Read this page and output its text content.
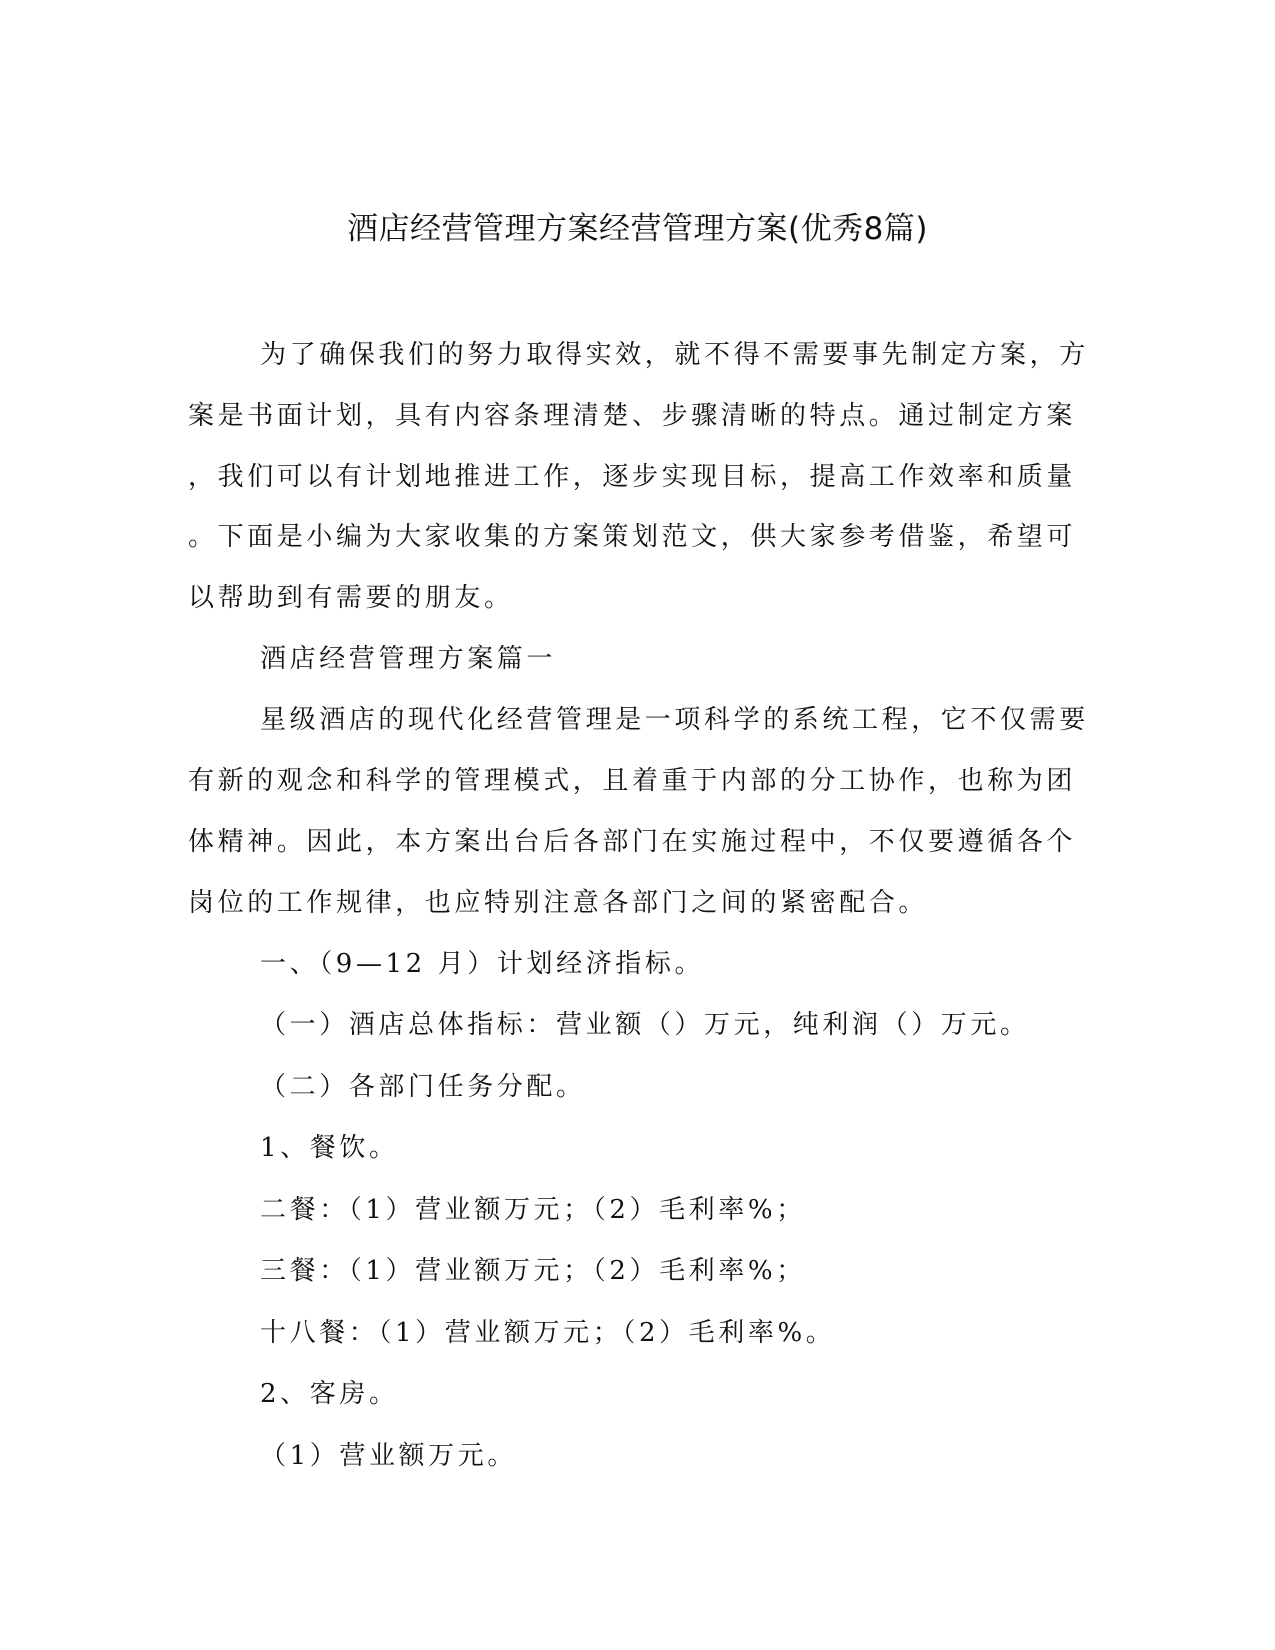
酒店经营管理方案经营管理方案(优秀8篇)

为了确保我们的努力取得实效，就不得不需要事先制定方案，方
案是书面计划，具有内容条理清楚、步骤清晰的特点。通过制定方案
，我们可以有计划地推进工作，逐步实现目标，提高工作效率和质量
。下面是小编为大家收集的方案策划范文，供大家参考借鉴，希望可
以帮助到有需要的朋友。

酒店经营管理方案篇一

星级酒店的现代化经营管理是一项科学的系统工程，它不仅需要
有新的观念和科学的管理模式，且着重于内部的分工协作，也称为团
体精神。因此，本方案出台后各部门在实施过程中，不仅要遵循各个
岗位的工作规律，也应特别注意各部门之间的紧密配合。

一、（9—12 月）计划经济指标。

（一）酒店总体指标：营业额（）万元，纯利润（）万元。

（二）各部门任务分配。

1、餐饮。

二餐：（1）营业额万元；（2）毛利率%；

三餐：（1）营业额万元；（2）毛利率%；

十八餐：（1）营业额万元；（2）毛利率%。

2、客房。

（1）营业额万元。
